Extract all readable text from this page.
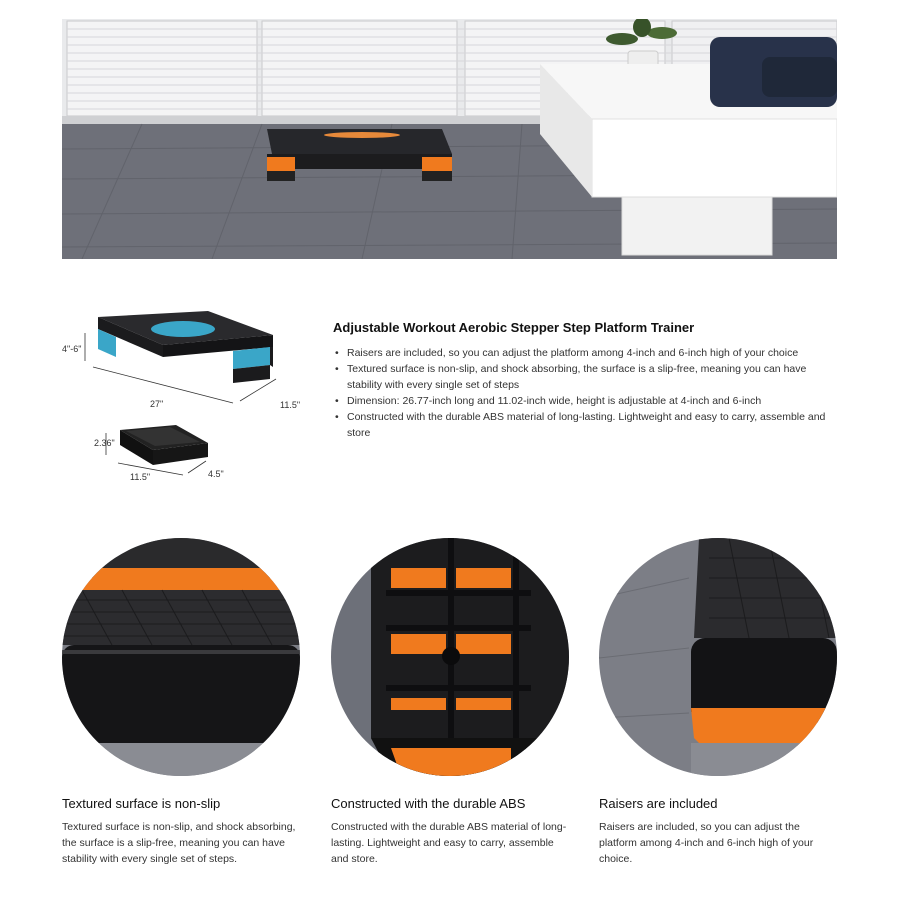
4"-6"
27"	11.5"
2.36"
11.5"	4.5"
Adjustable Workout Aerobic Stepper Step Platform Trainer
• Raisers are included, so you can adjust the platform among 4-inch and 6-inch high of your choice
• Textured surface is non-slip, and shock absorbing, the surface is a slip-free, meaning you can have stability with every single set of steps
• Dimension: 26.77-inch long and 11.02-inch wide, height is adjustable at 4-inch and 6-inch
• Constructed with the durable ABS material of long-lasting. Lightweight and easy to carry, assemble and store
Textured surface is non-slip

Textured surface is non-slip, and shock absorbing, the surface is a slip-free, meaning you can have stability with every single set of steps.

Constructed with the durable ABS

Constructed with the durable ABS material of long-lasting. Lightweight and easy to carry, assemble and store.

Raisers are included

Raisers are included, so you can adjust the platform among 4-inch and 6-inch high of your choice.
